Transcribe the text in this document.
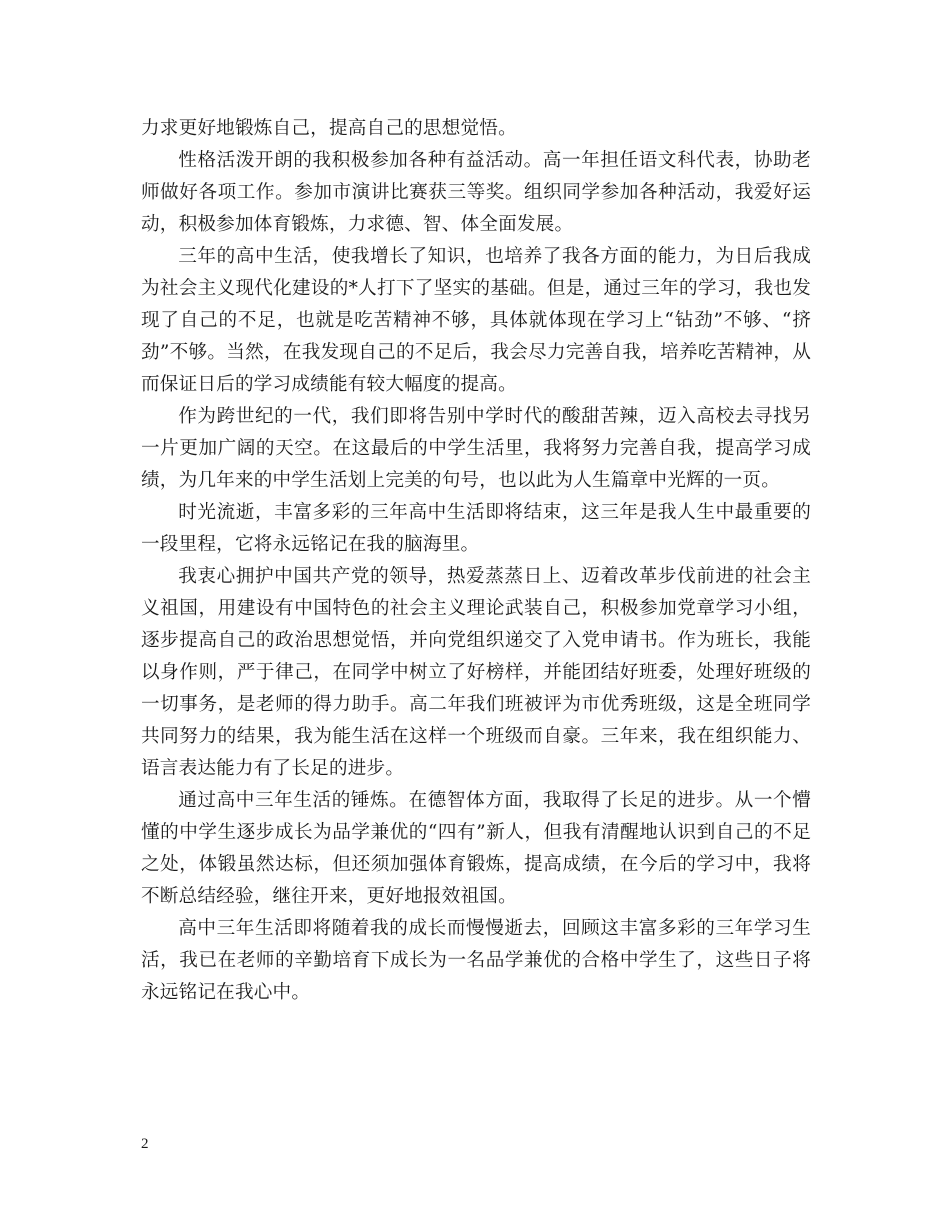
力求更好地锻炼自己，提高自己的思想觉悟。

性格活泼开朗的我积极参加各种有益活动。高一年担任语文科代表，协助老师做好各项工作。参加市演讲比赛获三等奖。组织同学参加各种活动，我爱好运动，积极参加体育锻炼，力求德、智、体全面发展。

三年的高中生活，使我增长了知识，也培养了我各方面的能力，为日后我成为社会主义现代化建设的*人打下了坚实的基础。但是，通过三年的学习，我也发现了自己的不足，也就是吃苦精神不够，具体就体现在学习上“钻劲”不够、“挤劲”不够。当然，在我发现自己的不足后，我会尽力完善自我，培养吃苦精神，从而保证日后的学习成绩能有较大幅度的提高。

作为跨世纪的一代，我们即将告别中学时代的酸甜苦辣，迈入高校去寻找另一片更加广阔的天空。在这最后的中学生活里，我将努力完善自我，提高学习成绩，为几年来的中学生活划上完美的句号，也以此为人生篇章中光辉的一页。

时光流逝，丰富多彩的三年高中生活即将结束，这三年是我人生中最重要的一段里程，它将永远铭记在我的脑海里。

我衷心拥护中国共产党的领导，热爱蒸蒸日上、迈着改革步伐前进的社会主义祖国，用建设有中国特色的社会主义理论武装自己，积极参加党章学习小组，逐步提高自己的政治思想觉悟，并向党组织递交了入党申请书。作为班长，我能以身作则，严于律己，在同学中树立了好榜样，并能团结好班委，处理好班级的一切事务，是老师的得力助手。高二年我们班被评为市优秀班级，这是全班同学共同努力的结果，我为能生活在这样一个班级而自豪。三年来，我在组织能力、语言表达能力有了长足的进步。

通过高中三年生活的锤炼。在德智体方面，我取得了长足的进步。从一个懵懂的中学生逐步成长为品学兼优的“四有”新人，但我有清醒地认识到自己的不足之处，体锻虽然达标，但还须加强体育锻炼，提高成绩，在今后的学习中，我将不断总结经验，继往开来，更好地报效祖国。

高中三年生活即将随着我的成长而慢慢逝去，回顾这丰富多彩的三年学习生活，我已在老师的辛勤培育下成长为一名品学兼优的合格中学生了，这些日子将永远铭记在我心中。

2
